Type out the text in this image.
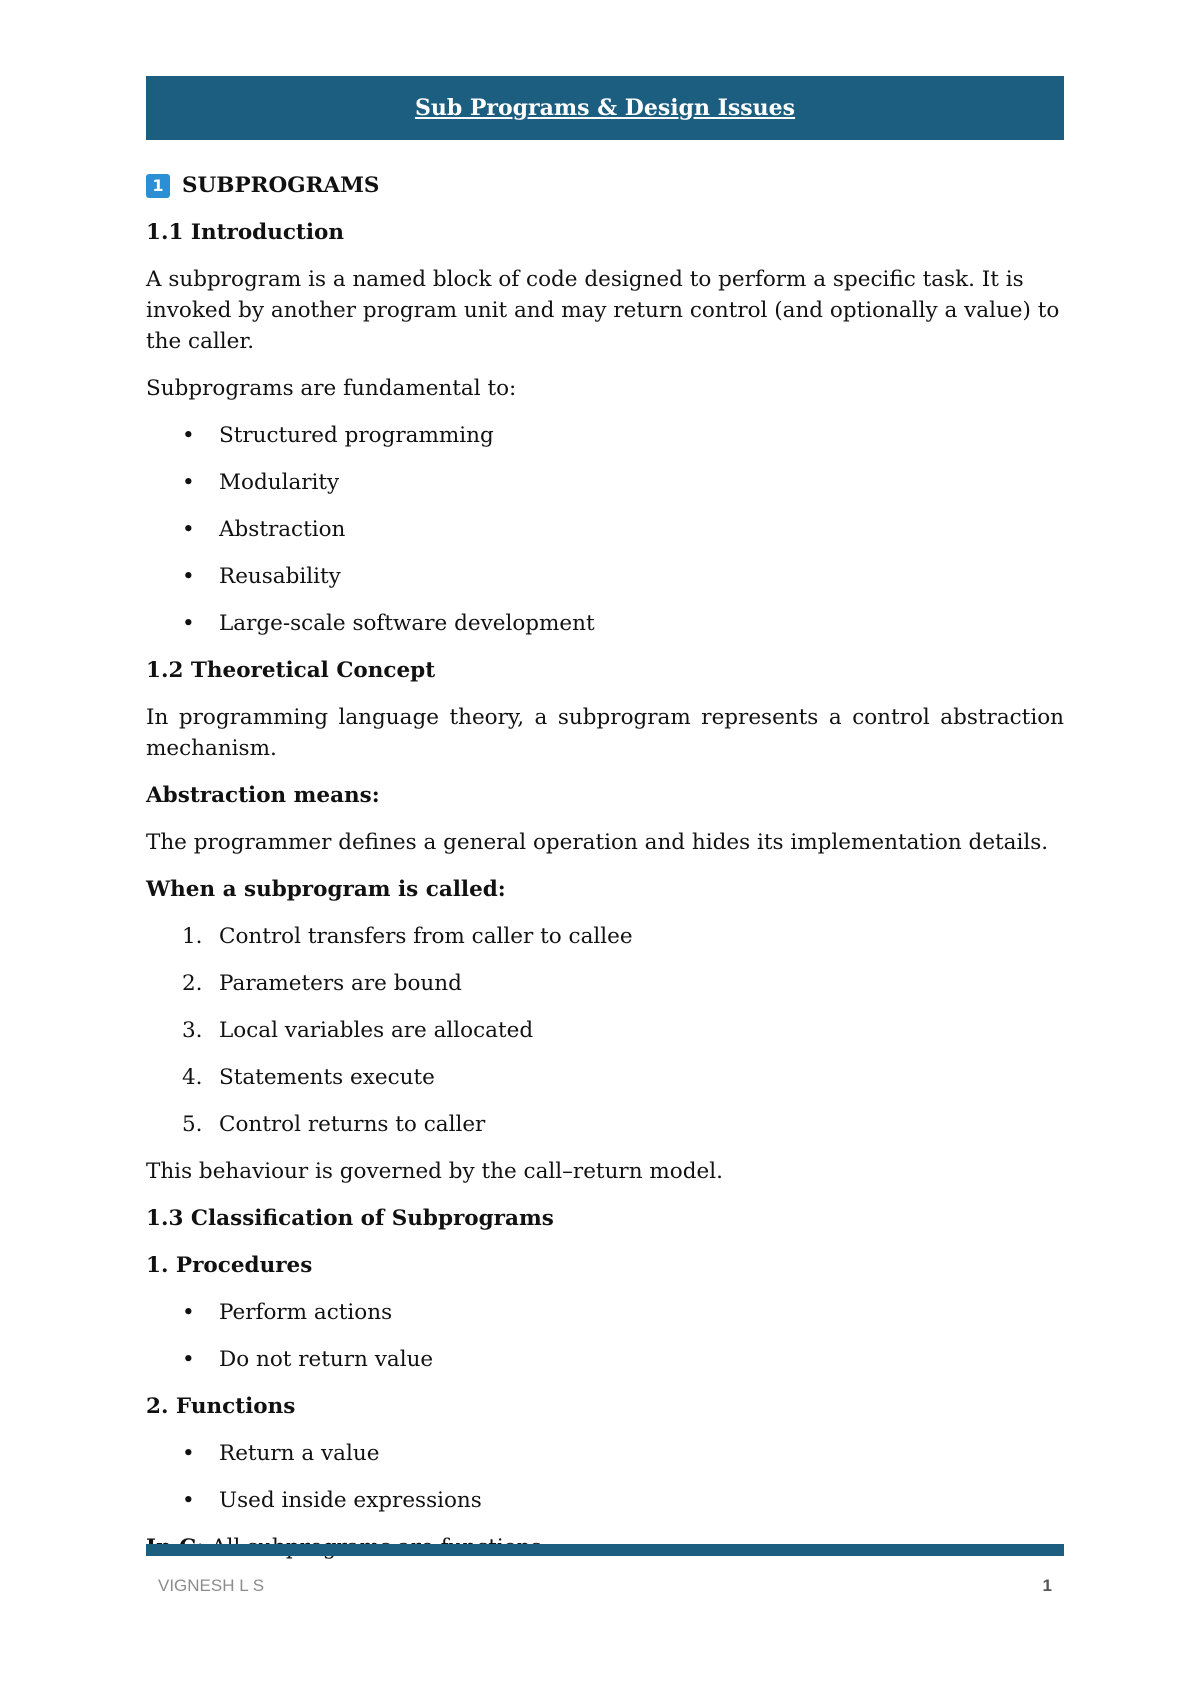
Sub Programs & Design Issues
1 SUBPROGRAMS

1.1 Introduction

A subprogram is a named block of code designed to perform a specific task. It is invoked by another program unit and may return control (and optionally a value) to the caller.

Subprograms are fundamental to:

• Structured programming
• Modularity
• Abstraction
• Reusability
• Large-scale software development

1.2 Theoretical Concept

In programming language theory, a subprogram represents a control abstraction mechanism.

Abstraction means:

The programmer defines a general operation and hides its implementation details.

When a subprogram is called:

1. Control transfers from caller to callee
2. Parameters are bound
3. Local variables are allocated
4. Statements execute
5. Control returns to caller

This behaviour is governed by the call–return model.

1.3 Classification of Subprograms

1. Procedures

• Perform actions
• Do not return value

2. Functions

• Return a value
• Used inside expressions

VIGNESH L S	1
